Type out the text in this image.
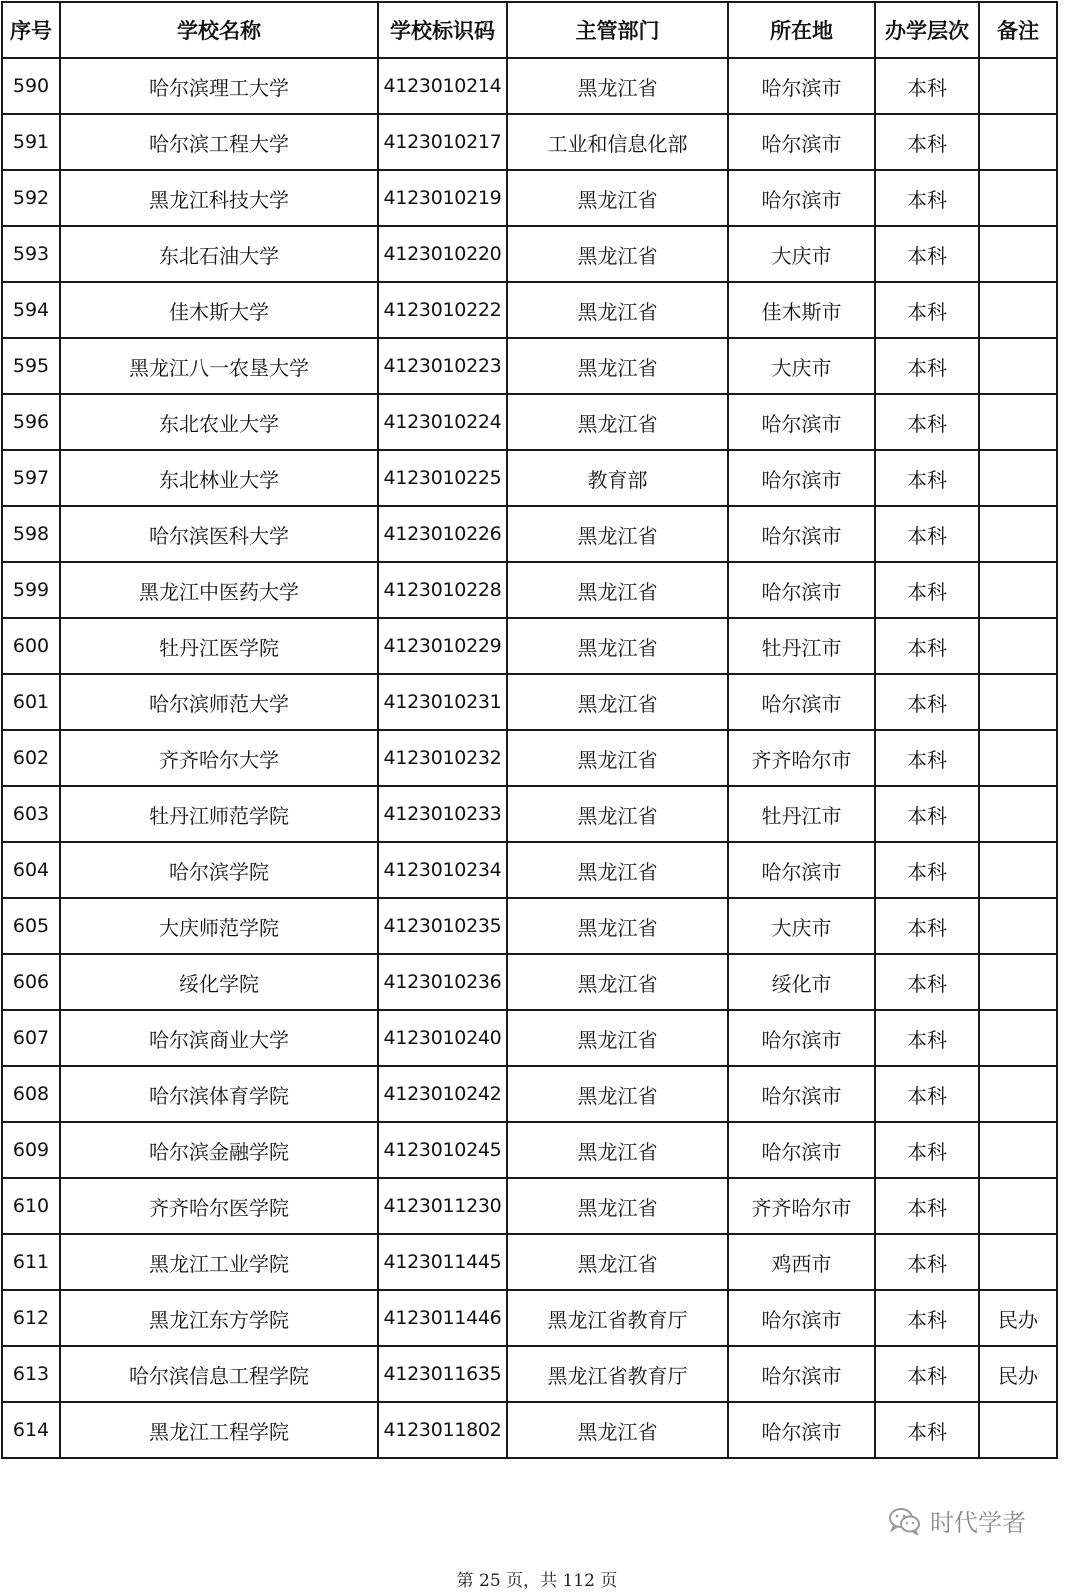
序号	学校名称	学校标识码	主管部门	所在地	办学层次	备注
590	哈尔滨理工大学	4123010214	黑龙江省	哈尔滨市	本科	
591	哈尔滨工程大学	4123010217	工业和信息化部	哈尔滨市	本科	
592	黑龙江科技大学	4123010219	黑龙江省	哈尔滨市	本科	
593	东北石油大学	4123010220	黑龙江省	大庆市	本科	
594	佳木斯大学	4123010222	黑龙江省	佳木斯市	本科	
595	黑龙江八一农垦大学	4123010223	黑龙江省	大庆市	本科	
596	东北农业大学	4123010224	黑龙江省	哈尔滨市	本科	
597	东北林业大学	4123010225	教育部	哈尔滨市	本科	
598	哈尔滨医科大学	4123010226	黑龙江省	哈尔滨市	本科	
599	黑龙江中医药大学	4123010228	黑龙江省	哈尔滨市	本科	
600	牡丹江医学院	4123010229	黑龙江省	牡丹江市	本科	
601	哈尔滨师范大学	4123010231	黑龙江省	哈尔滨市	本科	
602	齐齐哈尔大学	4123010232	黑龙江省	齐齐哈尔市	本科	
603	牡丹江师范学院	4123010233	黑龙江省	牡丹江市	本科	
604	哈尔滨学院	4123010234	黑龙江省	哈尔滨市	本科	
605	大庆师范学院	4123010235	黑龙江省	大庆市	本科	
606	绥化学院	4123010236	黑龙江省	绥化市	本科	
607	哈尔滨商业大学	4123010240	黑龙江省	哈尔滨市	本科	
608	哈尔滨体育学院	4123010242	黑龙江省	哈尔滨市	本科	
609	哈尔滨金融学院	4123010245	黑龙江省	哈尔滨市	本科	
610	齐齐哈尔医学院	4123011230	黑龙江省	齐齐哈尔市	本科	
611	黑龙江工业学院	4123011445	黑龙江省	鸡西市	本科	
612	黑龙江东方学院	4123011446	黑龙江省教育厅	哈尔滨市	本科	民办
613	哈尔滨信息工程学院	4123011635	黑龙江省教育厅	哈尔滨市	本科	民办
614	黑龙江工程学院	4123011802	黑龙江省	哈尔滨市	本科	
时代学者
第 25 页，共 112 页
